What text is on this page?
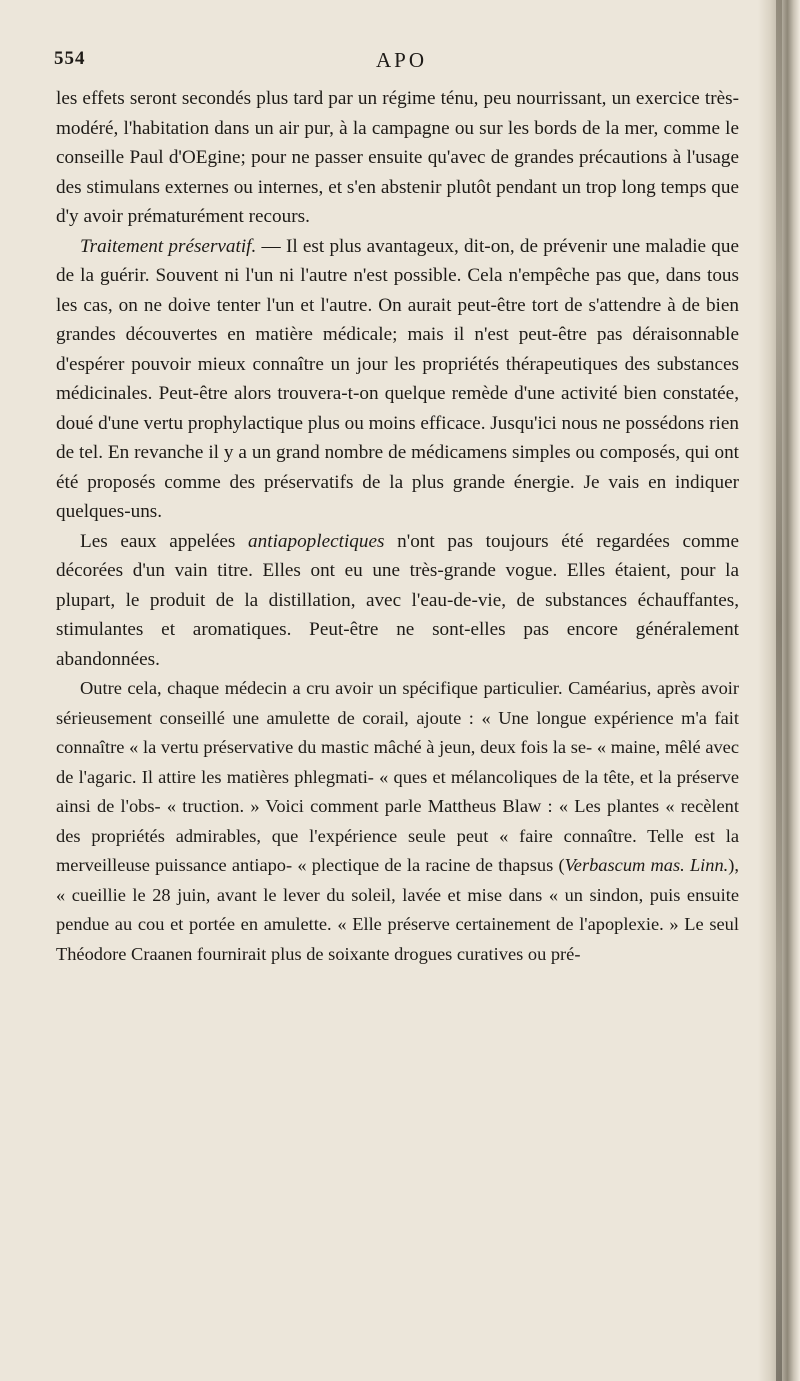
554	APO

les effets seront secondés plus tard par un régime ténu, peu nourrissant, un exercice très-modéré, l'habitation dans un air pur, à la campagne ou sur les bords de la mer, comme le conseille Paul d'OEgine; pour ne passer ensuite qu'avec de grandes précautions à l'usage des stimulans externes ou internes, et s'en abstenir plutôt pendant un trop long temps que d'y avoir prématurément recours.

Traitement préservatif. — Il est plus avantageux, dit-on, de prévenir une maladie que de la guérir. Souvent ni l'un ni l'autre n'est possible. Cela n'empêche pas que, dans tous les cas, on ne doive tenter l'un et l'autre. On aurait peut-être tort de s'attendre à de bien grandes découvertes en matière médicale; mais il n'est peut-être pas déraisonnable d'espérer pouvoir mieux connaître un jour les propriétés thérapeutiques des substances médicinales. Peut-être alors trouvera-t-on quelque remède d'une activité bien constatée, doué d'une vertu prophylactique plus ou moins efficace. Jusqu'ici nous ne possédons rien de tel. En revanche il y a un grand nombre de médicamens simples ou composés, qui ont été proposés comme des préservatifs de la plus grande énergie. Je vais en indiquer quelques-uns.

Les eaux appelées antiapoplectiques n'ont pas toujours été regardées comme décorées d'un vain titre. Elles ont eu une très-grande vogue. Elles étaient, pour la plupart, le produit de la distillation, avec l'eau-de-vie, de substances échauffantes, stimulantes et aromatiques. Peut-être ne sont-elles pas encore généralement abandonnées.

Outre cela, chaque médecin a cru avoir un spécifique particulier. Caméarius, après avoir sérieusement conseillé une amulette de corail, ajoute : « Une longue expérience m'a fait connaître « la vertu préservative du mastic mâché à jeun, deux fois la se- « maine, mêlé avec de l'agaric. Il attire les matières phlegmati- « ques et mélancoliques de la tête, et la préserve ainsi de l'obs- « truction. » Voici comment parle Mattheus Blaw : « Les plantes « recèlent des propriétés admirables, que l'expérience seule peut « faire connaître. Telle est la merveilleuse puissance antiapo- « plectique de la racine de thapsus (Verbascum mas. Linn.), « cueillie le 28 juin, avant le lever du soleil, lavée et mise dans « un sindon, puis ensuite pendue au cou et portée en amulette. « Elle préserve certainement de l'apoplexie. » Le seul Théodore Craanen fournirait plus de soixante drogues curatives ou pré-
